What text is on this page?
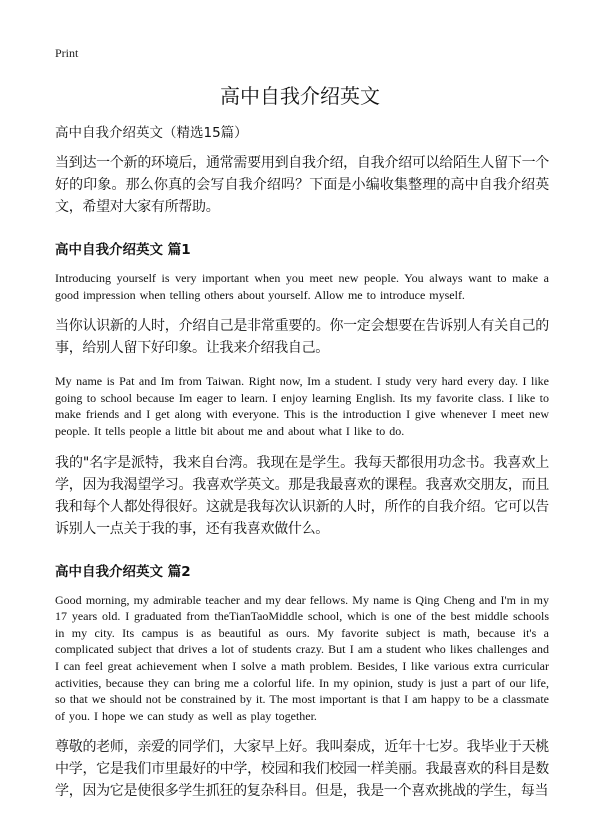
Print
高中自我介绍英文

高中自我介绍英文（精选15篇）

当到达一个新的环境后，通常需要用到自我介绍，自我介绍可以给陌生人留下一个好的印象。那么你真的会写自我介绍吗？下面是小编收集整理的高中自我介绍英文，希望对大家有所帮助。

高中自我介绍英文 篇1

Introducing yourself is very important when you meet new people. You always want to make a good impression when telling others about yourself. Allow me to introduce myself.

当你认识新的人时，介绍自己是非常重要的。你一定会想要在告诉别人有关自己的事，给别人留下好印象。让我来介绍我自己。

My name is Pat and Im from Taiwan. Right now, Im a student. I study very hard every day. I like going to school because Im eager to learn. I enjoy learning English. Its my favorite class. I like to make friends and I get along with everyone. This is the introduction I give whenever I meet new people. It tells people a little bit about me and about what I like to do.

我的"名字是派特，我来自台湾。我现在是学生。我每天都很用功念书。我喜欢上学，因为我渴望学习。我喜欢学英文。那是我最喜欢的课程。我喜欢交朋友，而且我和每个人都处得很好。这就是我每次认识新的人时，所作的自我介绍。它可以告诉别人一点关于我的事，还有我喜欢做什么。

高中自我介绍英文 篇2

Good morning, my admirable teacher and my dear fellows. My name is Qing Cheng and I'm in my 17 years old. I graduated from theTianTaoMiddle school, which is one of the best middle schools in my city. Its campus is as beautiful as ours. My favorite subject is math, because it's a complicated subject that drives a lot of students crazy. But I am a student who likes challenges and I can feel great achievement when I solve a math problem. Besides, I like various extra curricular activities, because they can bring me a colorful life. In my opinion, study is just a part of our life, so that we should not be constrained by it. The most important is that I am happy to be a classmate of you. I hope we can study as well as play together.

尊敬的老师，亲爱的同学们，大家早上好。我叫秦成，近年十七岁。我毕业于天桃中学，它是我们市里最好的中学，校园和我们校园一样美丽。我最喜欢的科目是数学，因为它是使很多学生抓狂的复杂科目。但是，我是一个喜欢挑战的学生，每当
